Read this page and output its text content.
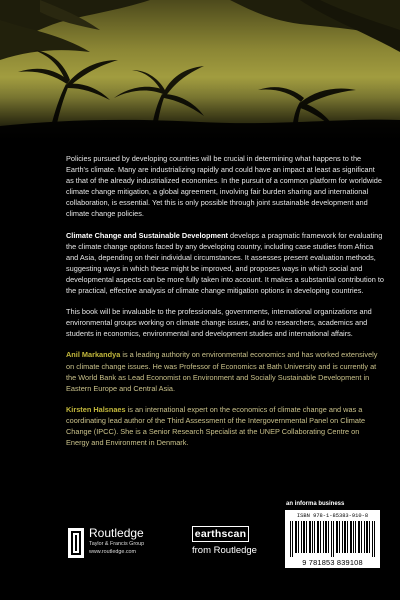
Policies pursued by developing countries will be crucial in determining what happens to the Earth's climate. Many are industrializing rapidly and could have an impact at least as significant as that of the already industrialized economies. In the pursuit of a common platform for worldwide climate change mitigation, a global agreement, involving fair burden sharing and international collaboration, is essential. Yet this is only possible through joint sustainable development and climate change policies.

Climate Change and Sustainable Development develops a pragmatic framework for evaluating the climate change options faced by any developing country, including case studies from Africa and Asia, depending on their individual circumstances. It assesses present evaluation methods, suggesting ways in which these might be improved, and proposes ways in which social and developmental aspects can be more fully taken into account. It makes a substantial contribution to the practical, effective analysis of climate change mitigation options in developing countries.

This book will be invaluable to the professionals, governments, international organizations and environmental groups working on climate change issues, and to researchers, academics and students in economics, environmental and development studies and international affairs.

Anil Markandya is a leading authority on environmental economics and has worked extensively on climate change issues. He was Professor of Economics at Bath University and is currently at the World Bank as Lead Economist on Environment and Socially Sustainable Development in Eastern Europe and Central Asia.

Kirsten Halsnaes is an international expert on the economics of climate change and was a coordinating lead author of the Third Assessment of the Intergovernmental Panel on Climate Change (IPCC). She is a Senior Research Specialist at the UNEP Collaborating Centre on Energy and Environment in Denmark.

an informa business
ISBN 978-1-85383-910-8
9 781853 839108
Routledge
Taylor & Francis Group
www.routledge.com
earthscan
from Routledge
